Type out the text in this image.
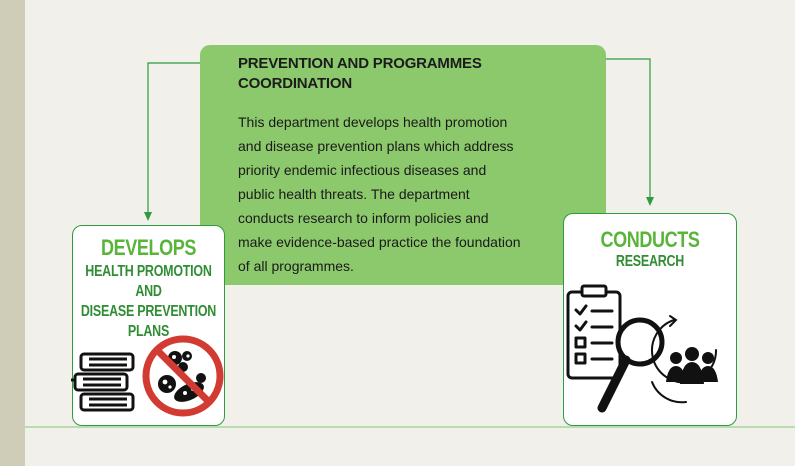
PREVENTION AND PROGRAMMES
COORDINATION
This department develops health promotion
and disease prevention plans which address
priority endemic infectious diseases and
public health threats. The department
conducts research to inform policies and
make evidence-based practice the foundation
of all programmes.
DEVELOPS
HEALTH PROMOTION AND
DISEASE PREVENTION
PLANS
CONDUCTS
RESEARCH
